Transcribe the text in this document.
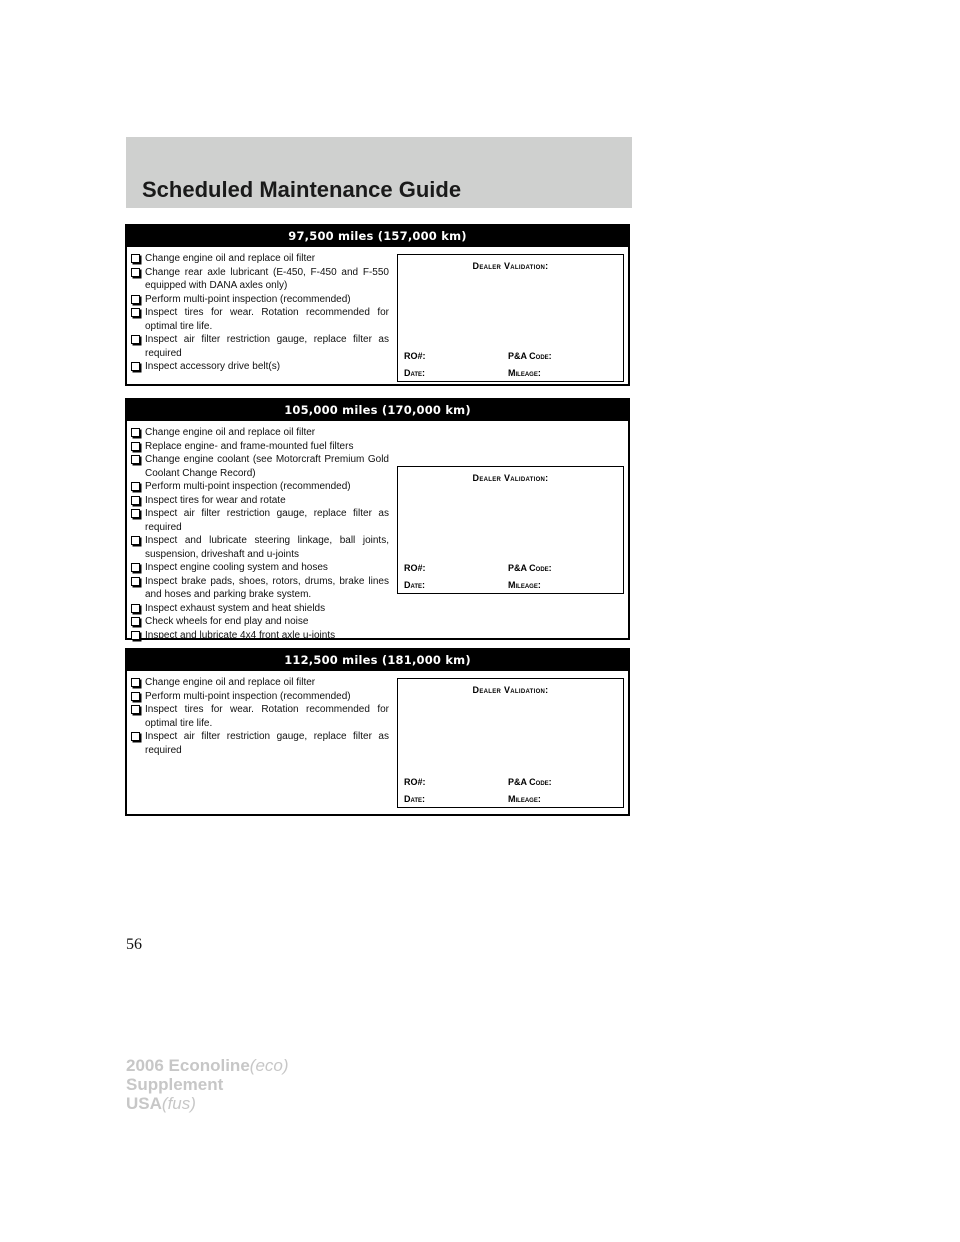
Scheduled Maintenance Guide
97,500 miles (157,000 km)
Change engine oil and replace oil filter
Change rear axle lubricant (E-450, F-450 and F-550 equipped with DANA axles only)
Perform multi-point inspection (recommended)
Inspect tires for wear. Rotation recommended for optimal tire life.
Inspect air filter restriction gauge, replace filter as required
Inspect accessory drive belt(s)
Dealer Validation:
RO#:	P&A Code:
Date:	Mileage:
105,000 miles (170,000 km)
Change engine oil and replace oil filter
Replace engine- and frame-mounted fuel filters
Change engine coolant (see Motorcraft Premium Gold Coolant Change Record)
Perform multi-point inspection (recommended)
Inspect tires for wear and rotate
Inspect air filter restriction gauge, replace filter as required
Inspect and lubricate steering linkage, ball joints, suspension, driveshaft and u-joints
Inspect engine cooling system and hoses
Inspect brake pads, shoes, rotors, drums, brake lines and hoses and parking brake system.
Inspect exhaust system and heat shields
Check wheels for end play and noise
Inspect and lubricate 4x4 front axle u-joints
Dealer Validation:
RO#:	P&A Code:
Date:	Mileage:
112,500 miles (181,000 km)
Change engine oil and replace oil filter
Perform multi-point inspection (recommended)
Inspect tires for wear. Rotation recommended for optimal tire life.
Inspect air filter restriction gauge, replace filter as required
Dealer Validation:
RO#:	P&A Code:
Date:	Mileage:
56
2006 Econoline(eco)
Supplement
USA(fus)
